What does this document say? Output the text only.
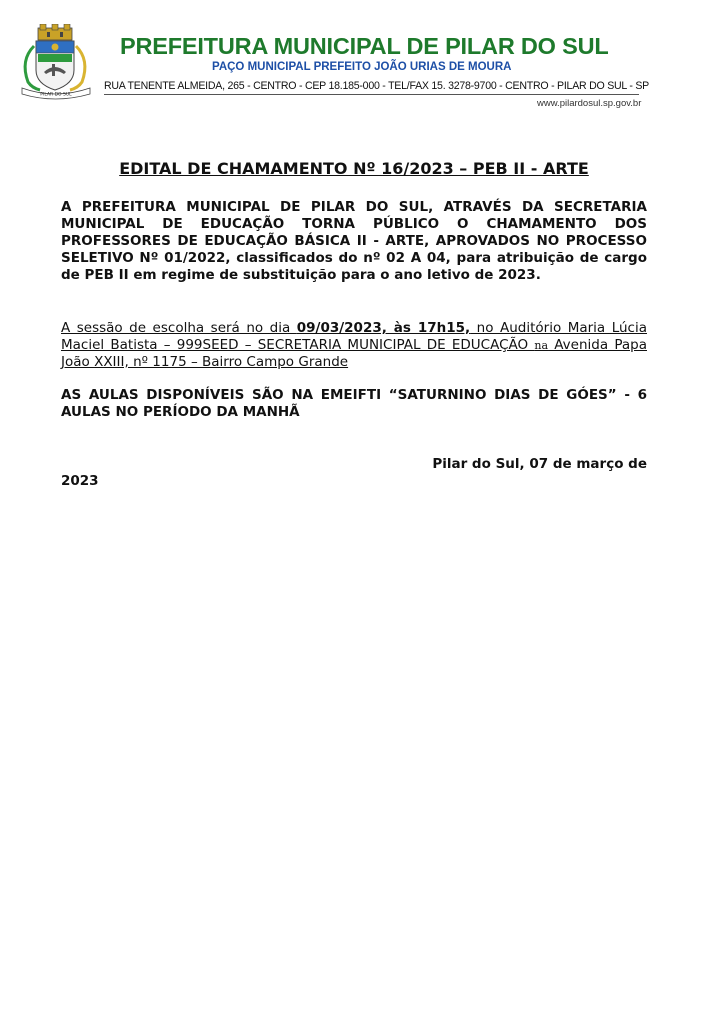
PILAR DO SUL
PREFEITURA MUNICIPAL DE PILAR DO SUL

PAÇO MUNICIPAL PREFEITO JOÃO URIAS DE MOURA

RUA TENENTE ALMEIDA, 265 - CENTRO - CEP 18.185-000 - TEL/FAX 15. 3278-9700 - CENTRO - PILAR DO SUL - SP

www.pilardosul.sp.gov.br

EDITAL DE CHAMAMENTO Nº 16/2023 – PEB II - ARTE

A PREFEITURA MUNICIPAL DE PILAR DO SUL, ATRAVÉS DA SECRETARIA MUNICIPAL DE EDUCAÇÃO TORNA PÚBLICO O CHAMAMENTO DOS PROFESSORES DE EDUCAÇÃO BÁSICA II - ARTE, APROVADOS NO PROCESSO SELETIVO Nº 01/2022, classificados do nº 02 A 04, para atribuição de cargo de PEB II em regime de substituição para o ano letivo de 2023.

A sessão de escolha será no dia 09/03/2023, às 17h15, no Auditório Maria Lúcia Maciel Batista – 999SEED – SECRETARIA MUNICIPAL DE EDUCAÇÃO na Avenida Papa João XXIII, nº 1175 – Bairro Campo Grande

AS AULAS DISPONÍVEIS SÃO NA EMEIFTI “SATURNINO DIAS DE GÓES” - 6 AULAS NO PERÍODO DA MANHÃ

Pilar do Sul, 07 de março de

2023
